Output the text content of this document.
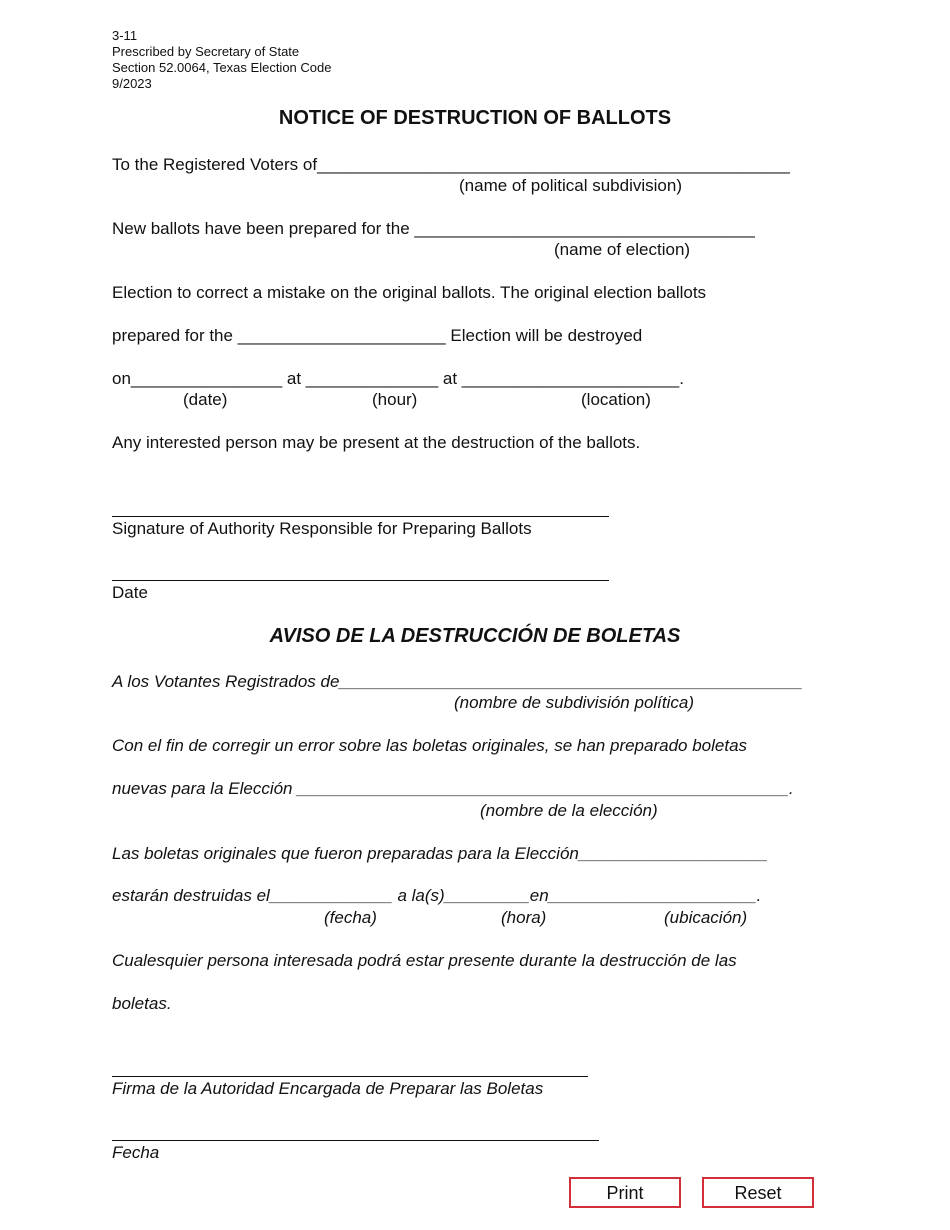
3-11
Prescribed by Secretary of State
Section 52.0064, Texas Election Code
9/2023
NOTICE OF DESTRUCTION OF BALLOTS
To the Registered Voters of__________________________________________________
(name of political subdivision)
New ballots have been prepared for the ____________________________________
(name of election)
Election to correct a mistake on the original ballots. The original election ballots
prepared for the ______________________ Election will be destroyed
on________________ at ______________ at _______________________.
(date)	(hour)	(location)
Any interested person may be present at the destruction of the ballots.
Signature of Authority Responsible for Preparing Ballots
Date
AVISO DE LA DESTRUCCIÓN DE BOLETAS
A los Votantes Registrados de_________________________________________________
(nombre de subdivisión política)
Con el fin de corregir un error sobre las boletas originales, se han preparado boletas
nuevas para la Elección ____________________________________________________.
(nombre de la elección)
Las boletas originales que fueron preparadas para la Elección____________________
estarán destruidas el_____________ a la(s)_________en______________________.
(fecha)	(hora)	(ubicación)
Cualesquier persona interesada podrá estar presente durante la destrucción de las
boletas.
Firma de la Autoridad Encargada de Preparar las Boletas
Fecha
Print	Reset
